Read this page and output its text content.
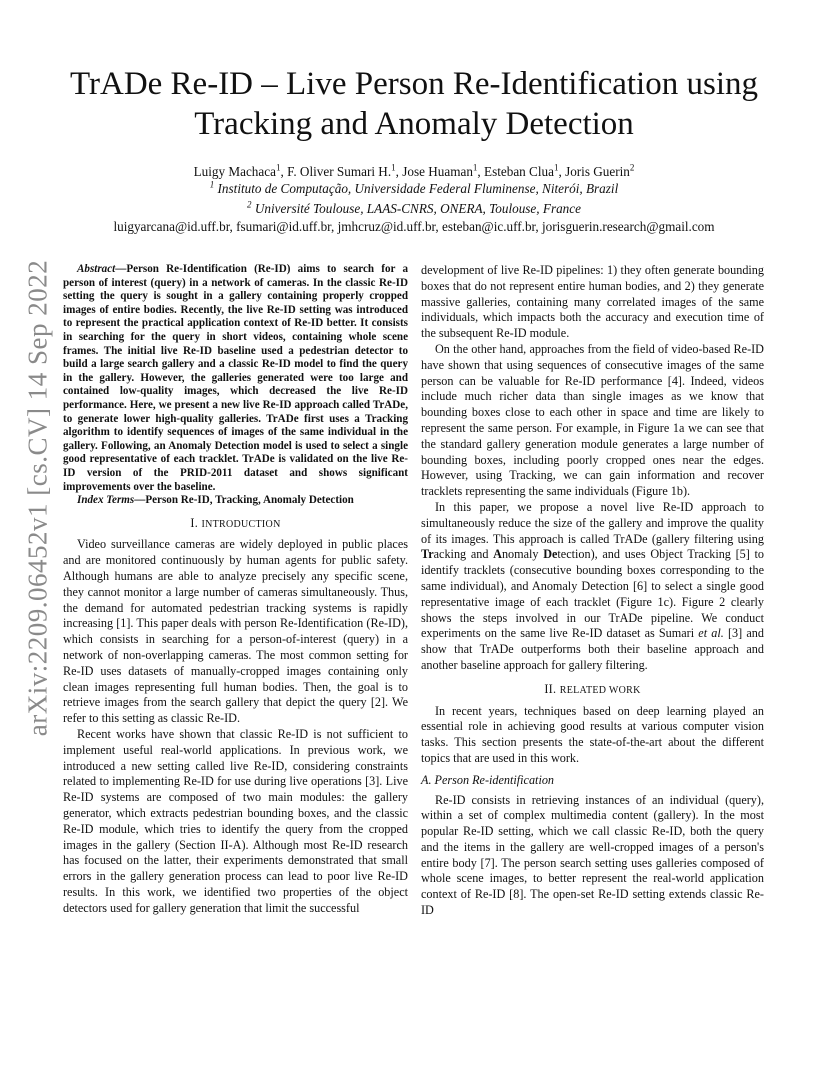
arXiv:2209.06452v1 [cs.CV] 14 Sep 2022
TrADe Re-ID – Live Person Re-Identification using
Tracking and Anomaly Detection
Luigy Machaca$^1$, F. Oliver Sumari H.$^1$, Jose Huaman$^1$, Esteban Clua$^1$, Joris Guerin$^2$
$^1$ Instituto de Computação, Universidade Federal Fluminense, Niterói, Brazil
$^2$ Université Toulouse, LAAS-CNRS, ONERA, Toulouse, France
luigyarcana@id.uff.br, fsumari@id.uff.br, jmhcruz@id.uff.br, esteban@ic.uff.br, jorisguerin.research@gmail.com

Abstract—Person Re-Identification (Re-ID) aims to search for a person of interest (query) in a network of cameras. In the classic Re-ID setting the query is sought in a gallery containing properly cropped images of entire bodies. Recently, the live Re-ID setting was introduced to represent the practical application context of Re-ID better. It consists in searching for the query in short videos, containing whole scene frames. The initial live Re-ID baseline used a pedestrian detector to build a large search gallery and a classic Re-ID model to find the query in the gallery. However, the galleries generated were too large and contained low-quality images, which decreased the live Re-ID performance. Here, we present a new live Re-ID approach called TrADe, to generate lower high-quality galleries. TrADe first uses a Tracking algorithm to identify sequences of images of the same individual in the gallery. Following, an Anomaly Detection model is used to select a single good representative of each tracklet. TrADe is validated on the live Re-ID version of the PRID-2011 dataset and shows significant improvements over the baseline.

Index Terms—Person Re-ID, Tracking, Anomaly Detection

I. INTRODUCTION

Video surveillance cameras are widely deployed in public places and are monitored continuously by human agents for public safety. Although humans are able to analyze precisely any specific scene, they cannot monitor a large number of cameras simultaneously. Thus, the demand for automated pedestrian tracking systems is rapidly increasing [1]. This paper deals with person Re-Identification (Re-ID), which consists in searching for a person-of-interest (query) in a network of non-overlapping cameras. The most common setting for Re-ID uses datasets of manually-cropped images containing only clean images representing full human bodies. Then, the goal is to retrieve images from the search gallery that depict the query [2]. We refer to this setting as classic Re-ID.

Recent works have shown that classic Re-ID is not sufficient to implement useful real-world applications. In previous work, we introduced a new setting called live Re-ID, considering constraints related to implementing Re-ID for use during live operations [3]. Live Re-ID systems are composed of two main modules: the gallery generator, which extracts pedestrian bounding boxes, and the classic Re-ID module, which tries to identify the query from the cropped images in the gallery (Section II-A). Although most Re-ID research has focused on the latter, their experiments demonstrated that small errors in the gallery generation process can lead to poor live Re-ID results. In this work, we identified two properties of the object detectors used for gallery generation that limit the successful

development of live Re-ID pipelines: 1) they often generate bounding boxes that do not represent entire human bodies, and 2) they generate massive galleries, containing many correlated images of the same individuals, which impacts both the accuracy and execution time of the subsequent Re-ID module.

On the other hand, approaches from the field of video-based Re-ID have shown that using sequences of consecutive images of the same person can be valuable for Re-ID performance [4]. Indeed, videos include much richer data than single images as we know that bounding boxes close to each other in space and time are likely to represent the same person. For example, in Figure 1a we can see that the standard gallery generation module generates a large number of bounding boxes, including poorly cropped ones near the edges. However, using Tracking, we can gain information and recover tracklets representing the same individuals (Figure 1b).

In this paper, we propose a novel live Re-ID approach to simultaneously reduce the size of the gallery and improve the quality of its images. This approach is called TrADe (gallery filtering using Tracking and Anomaly Detection), and uses Object Tracking [5] to identify tracklets (consecutive bounding boxes corresponding to the same individual), and Anomaly Detection [6] to select a single good representative image of each tracklet (Figure 1c). Figure 2 clearly shows the steps involved in our TrADe pipeline. We conduct experiments on the same live Re-ID dataset as Sumari et al. [3] and show that TrADe outperforms both their baseline approach and another baseline approach for gallery filtering.

II. RELATED WORK

In recent years, techniques based on deep learning played an essential role in achieving good results at various computer vision tasks. This section presents the state-of-the-art about the different topics that are used in this work.

A. Person Re-identification

Re-ID consists in retrieving instances of an individual (query), within a set of complex multimedia content (gallery). In the most popular Re-ID setting, which we call classic Re-ID, both the query and the items in the gallery are well-cropped images of a person's entire body [7]. The person search setting uses galleries composed of whole scene images, to better represent the real-world application context of Re-ID [8]. The open-set Re-ID setting extends classic Re-ID
